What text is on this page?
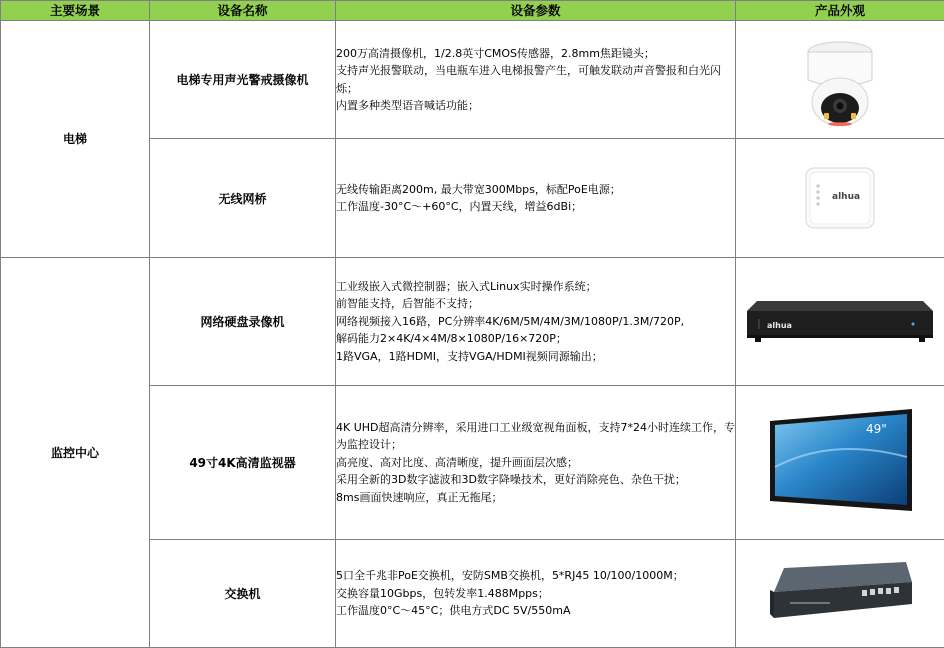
主要场景	设备名称	设备参数	产品外观
电梯	电梯专用声光警戒摄像机	200万高清摄像机，1/2.8英寸CMOS传感器，2.8mm焦距镜头；
支持声光报警联动，当电瓶车进入电梯报警产生，可触发联动声音警报和白光闪烁；
内置多种类型语音喊话功能；

	无线网桥	无线传输距离200m, 最大带宽300Mbps，标配PoE电源；
工作温度-30°C～+60°C，内置天线，增益6dBi；	alhua

监控中心	网络硬盘录像机	工业级嵌入式微控制器；嵌入式Linux实时操作系统；
前智能支持，后智能不支持；
网络视频接入16路，PC分辨率4K/6M/5M/4M/3M/1080P/1.3M/720P,
解码能力2×4K/4×4M/8×1080P/16×720P；
1路VGA，1路HDMI，支持VGA/HDMI视频同源输出；	alhua

	49寸4K高清监视器	4K UHD超高清分辨率，采用进口工业级宽视角面板，支持7*24小时连续工作，专为监控设计；
高亮度、高对比度、高清晰度，提升画面层次感；
采用全新的3D数字滤波和3D数字降噪技术，更好消除亮色、杂色干扰；
8ms画面快速响应，真正无拖尾；	49"

	交换机	5口全千兆非PoE交换机，安防SMB交换机，5*RJ45 10/100/1000M；
交换容量10Gbps，包转发率1.488Mpps；
工作温度0°C～45°C；供电方式DC 5V/550mA
